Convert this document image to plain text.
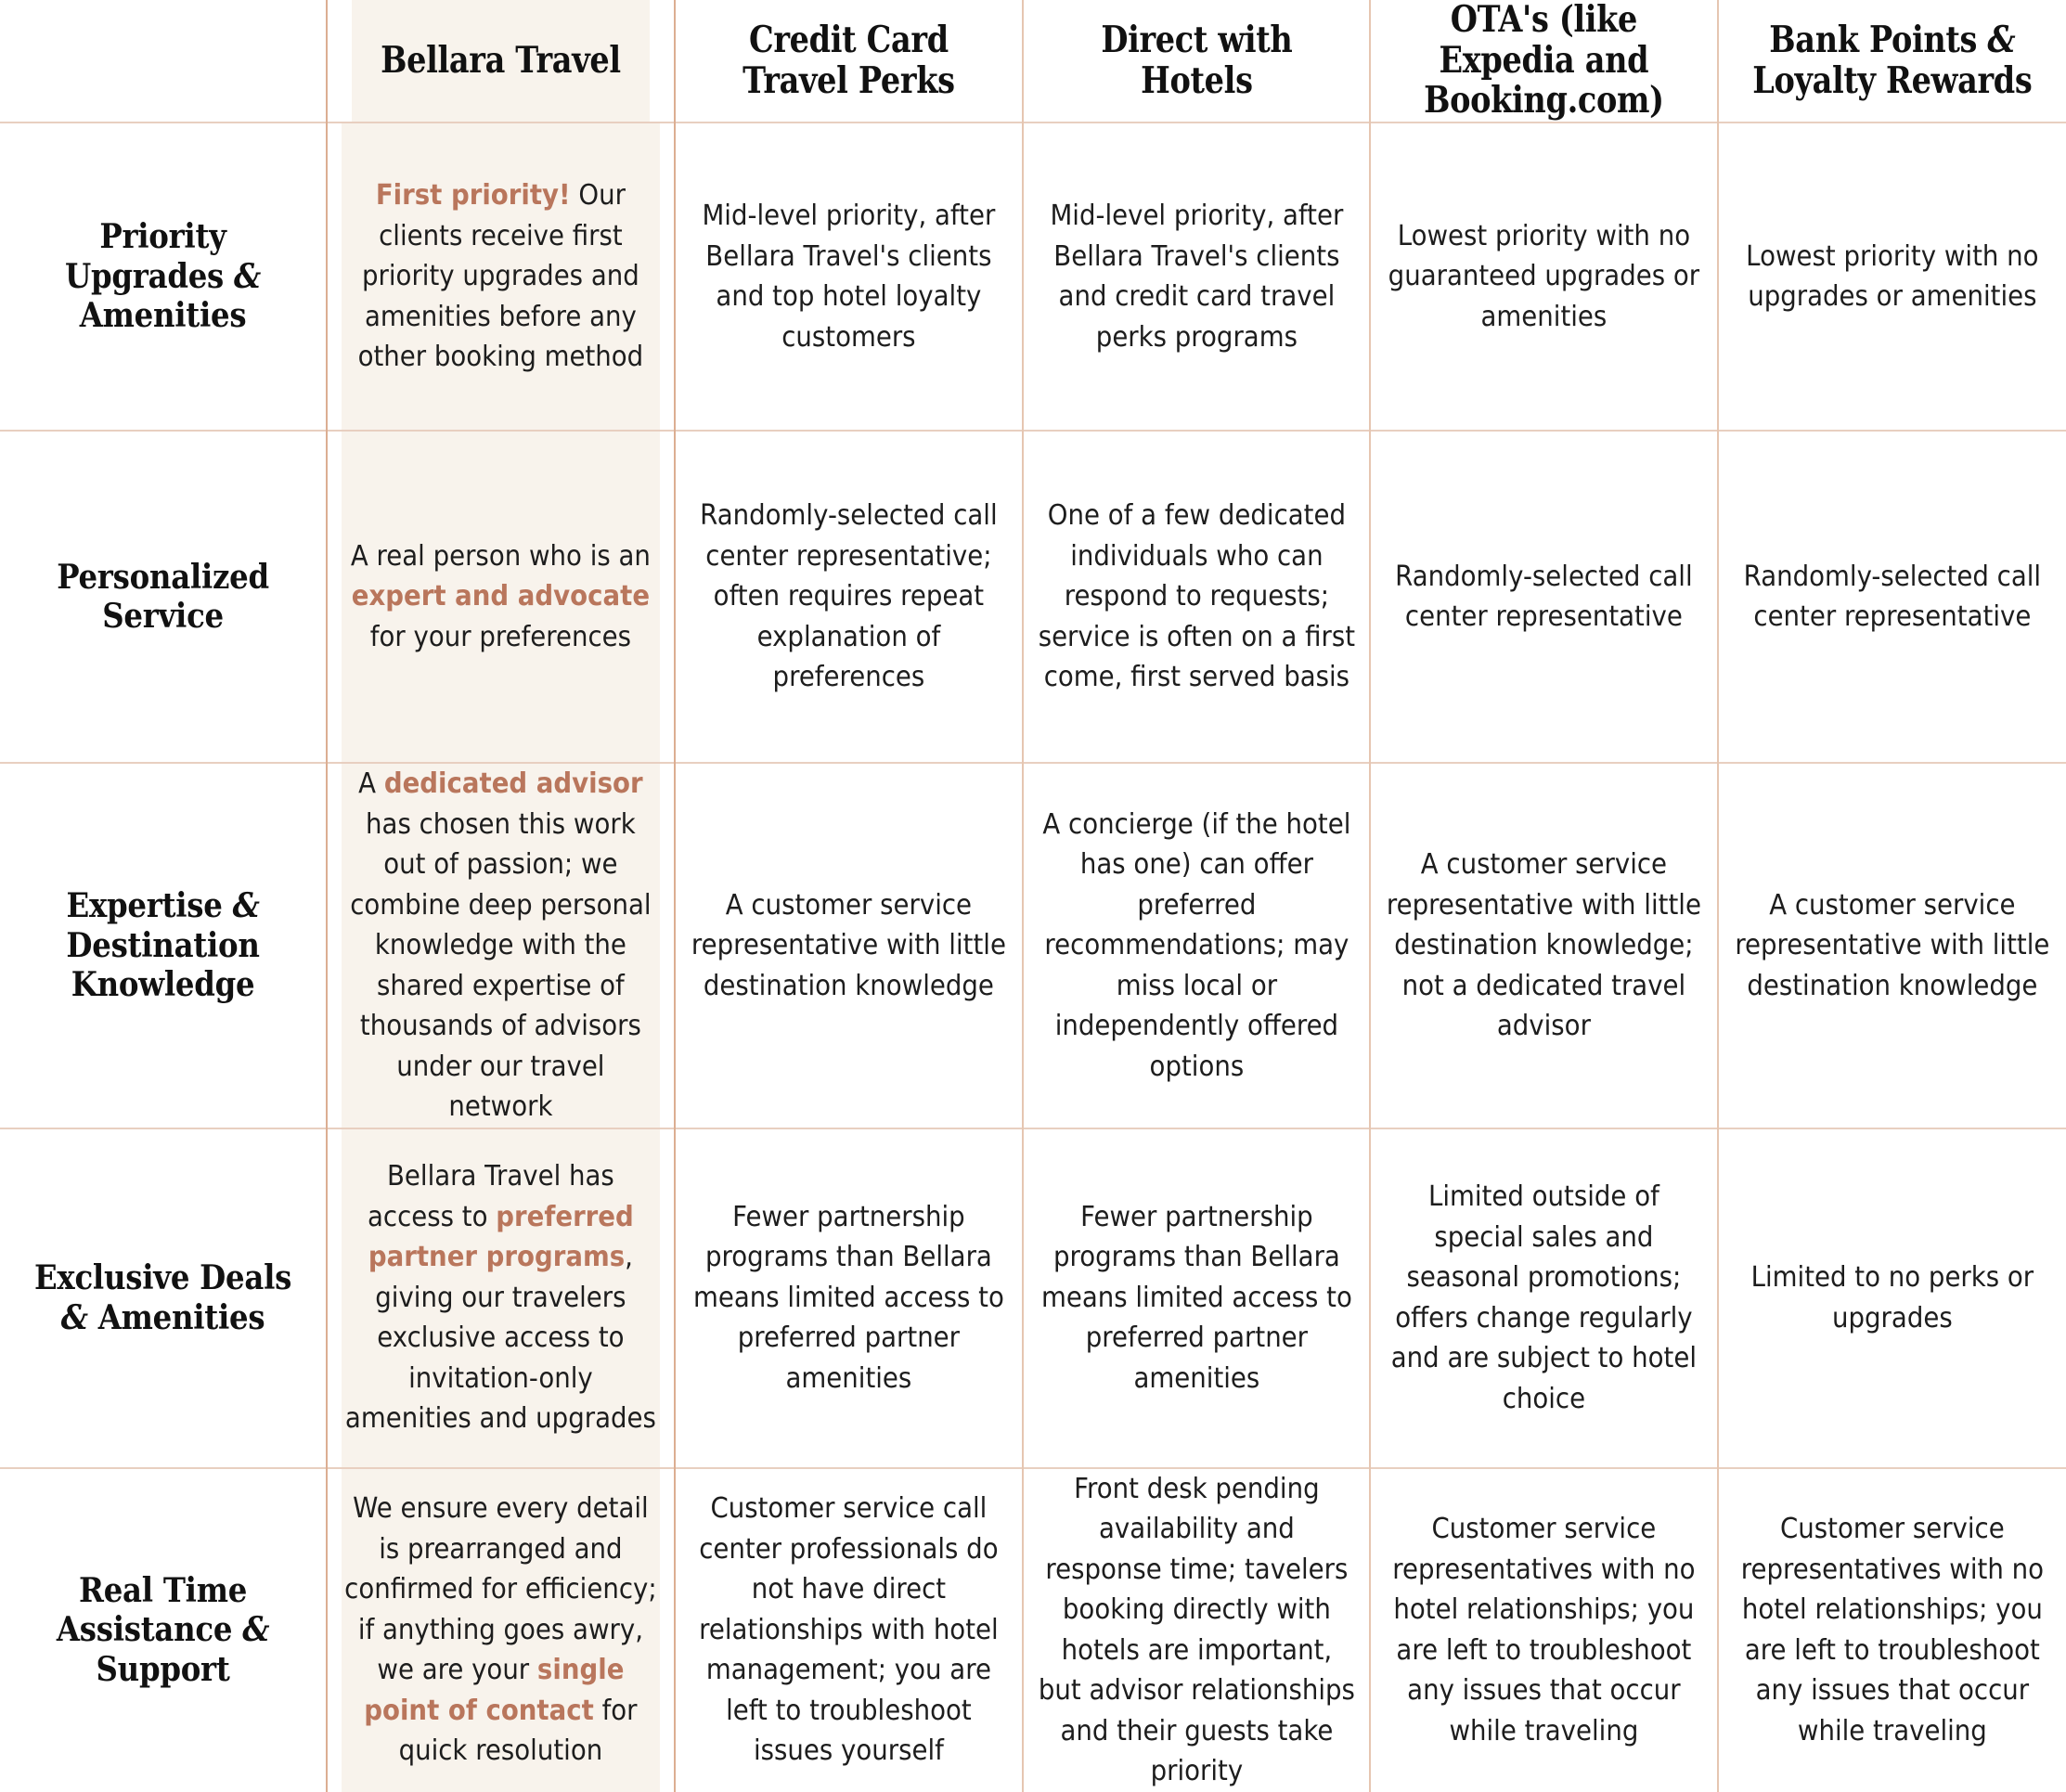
	Bellara Travel	Credit Card Travel Perks	Direct with Hotels	OTA's (like Expedia and Booking.com)	Bank Points & Loyalty Rewards
Priority Upgrades & Amenities	First priority! Our clients receive first priority upgrades and amenities before any other booking method	Mid-level priority, after Bellara Travel's clients and top hotel loyalty customers	Mid-level priority, after Bellara Travel's clients and credit card travel perks programs	Lowest priority with no guaranteed upgrades or amenities	Lowest priority with no upgrades or amenities
Personalized Service	A real person who is an expert and advocate for your preferences	Randomly-selected call center representative; often requires repeat explanation of preferences	One of a few dedicated individuals who can respond to requests; service is often on a first come, first served basis	Randomly-selected call center representative	Randomly-selected call center representative
Expertise & Destination Knowledge	A dedicated advisor has chosen this work out of passion; we combine deep personal knowledge with the shared expertise of thousands of advisors under our travel network	A customer service representative with little destination knowledge	A concierge (if the hotel has one) can offer preferred recommendations; may miss local or independently offered options	A customer service representative with little destination knowledge; not a dedicated travel advisor	A customer service representative with little destination knowledge
Exclusive Deals & Amenities	Bellara Travel has access to preferred partner programs, giving our travelers exclusive access to invitation-only amenities and upgrades	Fewer partnership programs than Bellara means limited access to preferred partner amenities	Fewer partnership programs than Bellara means limited access to preferred partner amenities	Limited outside of special sales and seasonal promotions; offers change regularly and are subject to hotel choice	Limited to no perks or upgrades
Real Time Assistance & Support	We ensure every detail is prearranged and confirmed for efficiency; if anything goes awry, we are your single point of contact for quick resolution	Customer service call center professionals do not have direct relationships with hotel management; you are left to troubleshoot issues yourself	Front desk pending availability and response time; tavelers booking directly with hotels are important, but advisor relationships and their guests take priority	Customer service representatives with no hotel relationships; you are left to troubleshoot any issues that occur while traveling	Customer service representatives with no hotel relationships; you are left to troubleshoot any issues that occur while traveling
